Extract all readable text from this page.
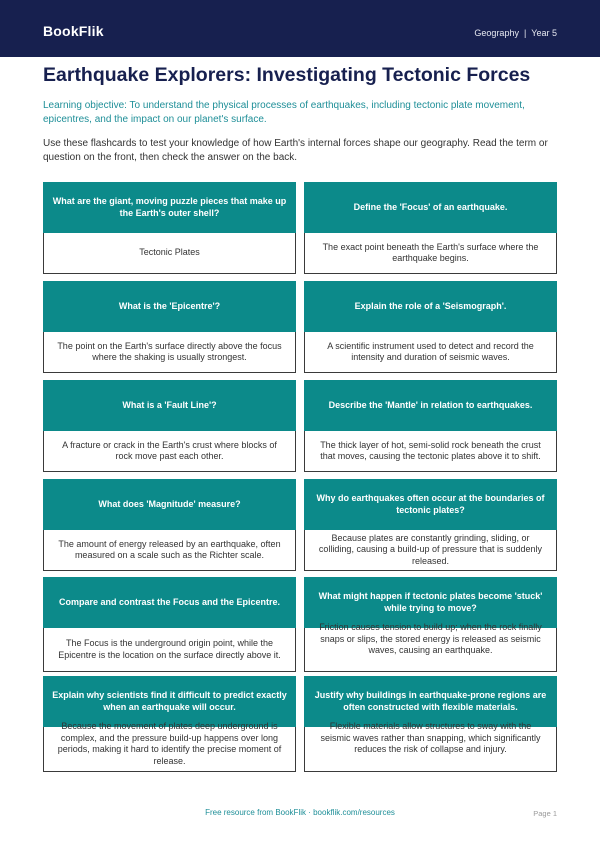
BookFlik	Geography | Year 5
Earthquake Explorers: Investigating Tectonic Forces

Learning objective: To understand the physical processes of earthquakes, including tectonic plate movement, epicentres, and the impact on our planet's surface.

Use these flashcards to test your knowledge of how Earth's internal forces shape our geography. Read the term or question on the front, then check the answer on the back.

What are the giant, moving puzzle pieces that make up the Earth's outer shell?
Tectonic Plates
Define the 'Focus' of an earthquake.
The exact point beneath the Earth's surface where the earthquake begins.
What is the 'Epicentre'?
The point on the Earth's surface directly above the focus where the shaking is usually strongest.
Explain the role of a 'Seismograph'.
A scientific instrument used to detect and record the intensity and duration of seismic waves.
What is a 'Fault Line'?
A fracture or crack in the Earth's crust where blocks of rock move past each other.
Describe the 'Mantle' in relation to earthquakes.
The thick layer of hot, semi-solid rock beneath the crust that moves, causing the tectonic plates above it to shift.
What does 'Magnitude' measure?
The amount of energy released by an earthquake, often measured on a scale such as the Richter scale.
Why do earthquakes often occur at the boundaries of tectonic plates?
Because plates are constantly grinding, sliding, or colliding, causing a build-up of pressure that is suddenly released.
Compare and contrast the Focus and the Epicentre.
The Focus is the underground origin point, while the Epicentre is the location on the surface directly above it.
What might happen if tectonic plates become 'stuck' while trying to move?
Friction causes tension to build up; when the rock finally snaps or slips, the stored energy is released as seismic waves, causing an earthquake.
Explain why scientists find it difficult to predict exactly when an earthquake will occur.
Because the movement of plates deep underground is complex, and the pressure build-up happens over long periods, making it hard to identify the precise moment of release.
Justify why buildings in earthquake-prone regions are often constructed with flexible materials.
Flexible materials allow structures to sway with the seismic waves rather than snapping, which significantly reduces the risk of collapse and injury.
Free resource from BookFlik · bookflik.com/resources	Page 1
